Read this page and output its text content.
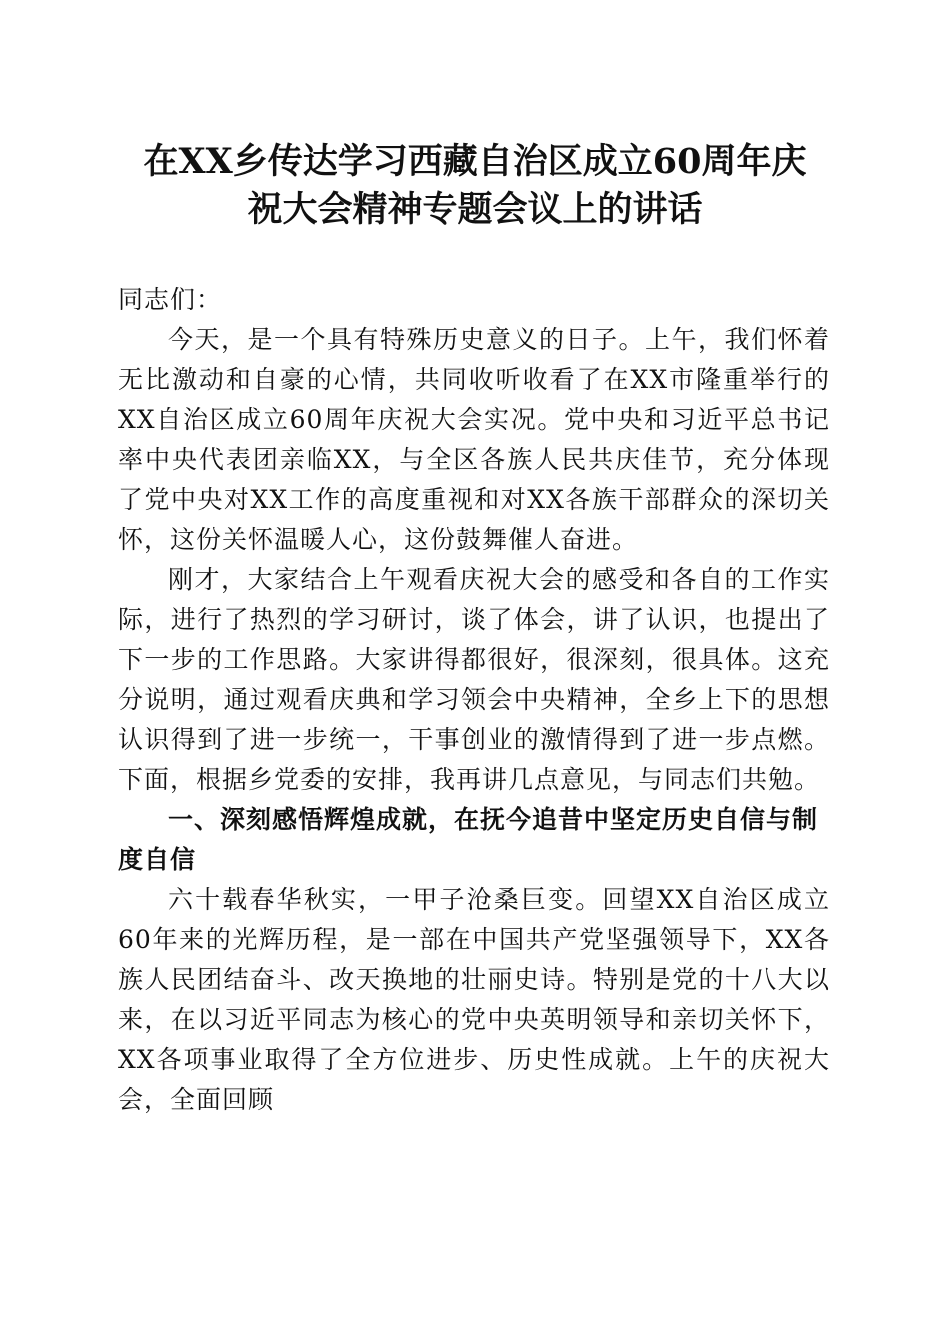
在XX乡传达学习西藏自治区成立60周年庆
祝大会精神专题会议上的讲话

同志们：

今天，是一个具有特殊历史意义的日子。上午，我们怀着无比激动和自豪的心情，共同收听收看了在XX市隆重举行的XX自治区成立60周年庆祝大会实况。党中央和习近平总书记率中央代表团亲临XX，与全区各族人民共庆佳节，充分体现了党中央对XX工作的高度重视和对XX各族干部群众的深切关怀，这份关怀温暖人心，这份鼓舞催人奋进。

刚才，大家结合上午观看庆祝大会的感受和各自的工作实际，进行了热烈的学习研讨，谈了体会，讲了认识，也提出了下一步的工作思路。大家讲得都很好，很深刻，很具体。这充分说明，通过观看庆典和学习领会中央精神，全乡上下的思想认识得到了进一步统一，干事创业的激情得到了进一步点燃。下面，根据乡党委的安排，我再讲几点意见，与同志们共勉。

一、深刻感悟辉煌成就，在抚今追昔中坚定历史自信与制度自信

六十载春华秋实，一甲子沧桑巨变。回望XX自治区成立60年来的光辉历程，是一部在中国共产党坚强领导下，XX各族人民团结奋斗、改天换地的壮丽史诗。特别是党的十八大以来，在以习近平同志为核心的党中央英明领导和亲切关怀下，XX各项事业取得了全方位进步、历史性成就。上午的庆祝大会，全面回顾
